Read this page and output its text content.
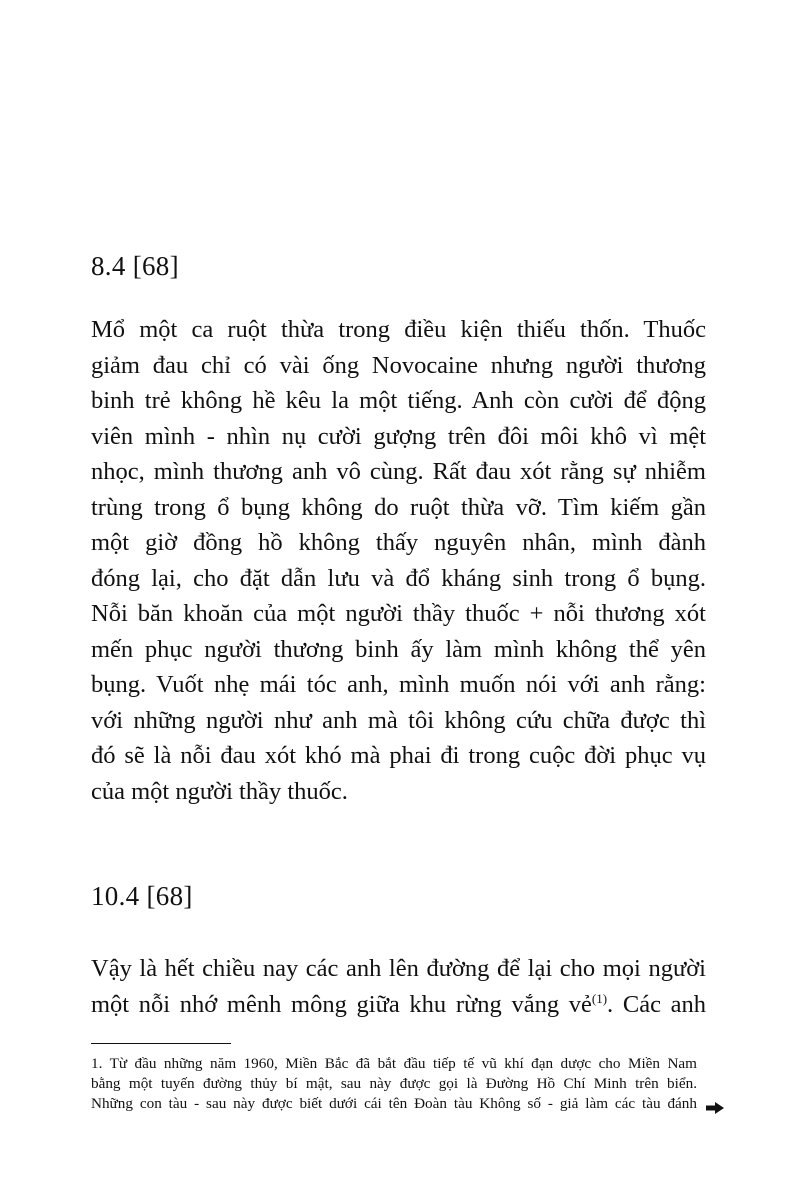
8.4 [68]
Mổ một ca ruột thừa trong điều kiện thiếu thốn. Thuốc
giảm đau chỉ có vài ống Novocaine nhưng người thương
binh trẻ không hề kêu la một tiếng. Anh còn cười để động
viên mình - nhìn nụ cười gượng trên đôi môi khô vì mệt
nhọc, mình thương anh vô cùng. Rất đau xót rằng sự nhiễm
trùng trong ổ bụng không do ruột thừa vỡ. Tìm kiếm gần
một giờ đồng hồ không thấy nguyên nhân, mình đành
đóng lại, cho đặt dẫn lưu và đổ kháng sinh trong ổ bụng.
Nỗi băn khoăn của một người thầy thuốc + nỗi thương xót
mến phục người thương binh ấy làm mình không thể yên
bụng. Vuốt nhẹ mái tóc anh, mình muốn nói với anh rằng:
với những người như anh mà tôi không cứu chữa được thì
đó sẽ là nỗi đau xót khó mà phai đi trong cuộc đời phục vụ
của một người thầy thuốc.
10.4 [68]
Vậy là hết chiều nay các anh lên đường để lại cho mọi người
một nỗi nhớ mênh mông giữa khu rừng vắng vẻ$^{(1)}$. Các anh
1. Từ đầu những năm 1960, Miền Bắc đã bắt đầu tiếp tế vũ khí đạn dược cho Miền Nam
bằng một tuyến đường thủy bí mật, sau này được gọi là Đường Hồ Chí Minh trên biển.
Những con tàu - sau này được biết dưới cái tên Đoàn tàu Không số - giả làm các tàu đánh
